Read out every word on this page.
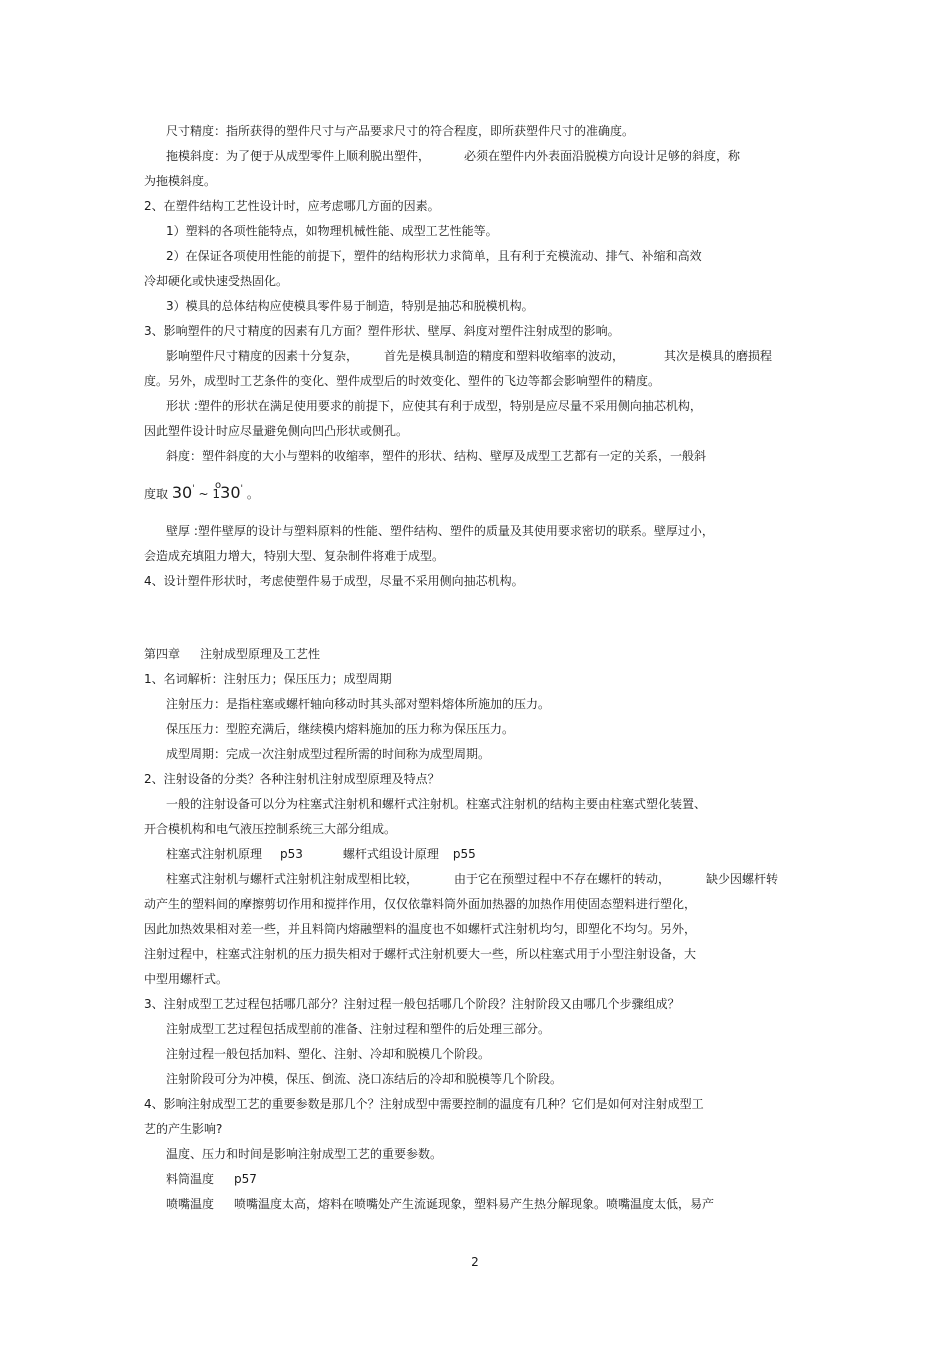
尺寸精度：指所获得的塑件尺寸与产品要求尺寸的符合程度，即所获塑件尺寸的准确度。

拖模斜度：为了便于从成型零件上顺利脱出塑件，	必须在塑件内外表面沿脱模方向设计足够的斜度，称

为拖模斜度。

2、在塑件结构工艺性设计时，应考虑哪几方面的因素。

1）塑料的各项性能特点，如物理机械性能、成型工艺性能等。

2）在保证各项使用性能的前提下，塑件的结构形状力求简单，且有利于充模流动、排气、补缩和高效

冷却硬化或快速受热固化。

3）模具的总体结构应使模具零件易于制造，特别是抽芯和脱模机构。

3、影响塑件的尺寸精度的因素有几方面？塑件形状、壁厚、斜度对塑件注射成型的影响。

影响塑件尺寸精度的因素十分复杂， 首先是模具制造的精度和塑料收缩率的波动，	其次是模具的磨损程

度。另外，成型时工艺条件的变化、塑件成型后的时效变化、塑件的飞边等都会影响塑件的精度。

形状 :塑件的形状在满足使用要求的前提下，应使其有利于成型，特别是应尽量不采用侧向抽芯机构，

因此塑件设计时应尽量避免侧向凹凸形状或侧孔。

斜度：塑件斜度的大小与塑料的收缩率，塑件的形状、结构、壁厚及成型工艺都有一定的关系，一般斜

度取 30' ~ 1$^o$30' 。

壁厚 :塑件壁厚的设计与塑料原料的性能、塑件结构、塑件的质量及其使用要求密切的联系。壁厚过小，

会造成充填阻力增大，特别大型、复杂制件将难于成型。

4、设计塑件形状时，考虑使塑件易于成型，尽量不采用侧向抽芯机构。

第四章 注射成型原理及工艺性

1、名词解析：注射压力；保压压力；成型周期

注射压力：是指柱塞或螺杆轴向移动时其头部对塑料熔体所施加的压力。

保压压力：型腔充满后，继续模内熔料施加的压力称为保压压力。

成型周期：完成一次注射成型过程所需的时间称为成型周期。

2、注射设备的分类？各种注射机注射成型原理及特点？

一般的注射设备可以分为柱塞式注射机和螺杆式注射机。柱塞式注射机的结构主要由柱塞式塑化装置、

开合模机构和电气液压控制系统三大部分组成。

柱塞式注射机原理 p53	螺杆式组设计原理 p55

柱塞式注射机与螺杆式注射机注射成型相比较，	由于它在预塑过程中不存在螺杆的转动，	缺少因螺杆转

动产生的塑料间的摩擦剪切作用和搅拌作用，仅仅依靠料筒外面加热器的加热作用使固态塑料进行塑化，

因此加热效果相对差一些，并且料筒内熔融塑料的温度也不如螺杆式注射机均匀，即塑化不均匀。另外，

注射过程中，柱塞式注射机的压力损失相对于螺杆式注射机要大一些，所以柱塞式用于小型注射设备，大

中型用螺杆式。

3、注射成型工艺过程包括哪几部分？注射过程一般包括哪几个阶段？注射阶段又由哪几个步骤组成？

注射成型工艺过程包括成型前的准备、注射过程和塑件的后处理三部分。

注射过程一般包括加料、塑化、注射、冷却和脱模几个阶段。

注射阶段可分为冲模，保压、倒流、浇口冻结后的冷却和脱模等几个阶段。

4、影响注射成型工艺的重要参数是那几个？注射成型中需要控制的温度有几种？它们是如何对注射成型工

艺的产生影响?

温度、压力和时间是影响注射成型工艺的重要参数。

料筒温度 p57

喷嘴温度 喷嘴温度太高，熔料在喷嘴处产生流诞现象，塑料易产生热分解现象。喷嘴温度太低，易产

2
